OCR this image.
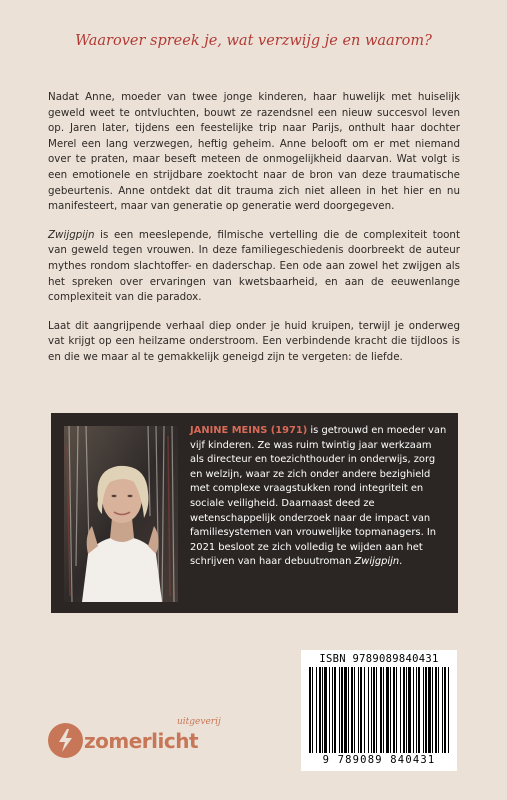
Waarover spreek je, wat verzwijg je en waarom?

Nadat Anne, moeder van twee jonge kinderen, haar huwelijk met huiselijk geweld weet te ontvluchten, bouwt ze razendsnel een nieuw succesvol leven op. Jaren later, tijdens een feestelijke trip naar Parijs, onthult haar dochter Merel een lang verzwegen, heftig geheim. Anne belooft om er met niemand over te praten, maar beseft meteen de onmogelijkheid daarvan. Wat volgt is een emotionele en strijdbare zoektocht naar de bron van deze traumatische gebeurtenis. Anne ontdekt dat dit trauma zich niet alleen in het hier en nu manifesteert, maar van generatie op generatie werd doorgegeven.

Zwijgpijn is een meeslepende, filmische vertelling die de complexiteit toont van geweld tegen vrouwen. In deze familiegeschiedenis doorbreekt de auteur mythes rondom slachtoffer- en daderschap. Een ode aan zowel het zwijgen als het spreken over ervaringen van kwetsbaarheid, en aan de eeuwenlange complexiteit van die paradox.

Laat dit aangrijpende verhaal diep onder je huid kruipen, terwijl je onderweg vat krijgt op een heilzame onderstroom. Een verbindende kracht die tijdloos is en die we maar al te gemakkelijk geneigd zijn te vergeten: de liefde.

JANINE MEINS (1971) is getrouwd en moeder van vijf kinderen. Ze was ruim twintig jaar werkzaam als directeur en toezichthouder in onderwijs, zorg en welzijn, waar ze zich onder andere bezighield met complexe vraagstukken rond integriteit en sociale veiligheid. Daarnaast deed ze wetenschappelijk onderzoek naar de impact van familiesystemen van vrouwelijke topmanagers. In 2021 besloot ze zich volledig te wijden aan het schrijven van haar debuutroman Zwijgpijn.
zomerlicht
uitgeverij
ISBN 9789089840431
9 789089 840431
